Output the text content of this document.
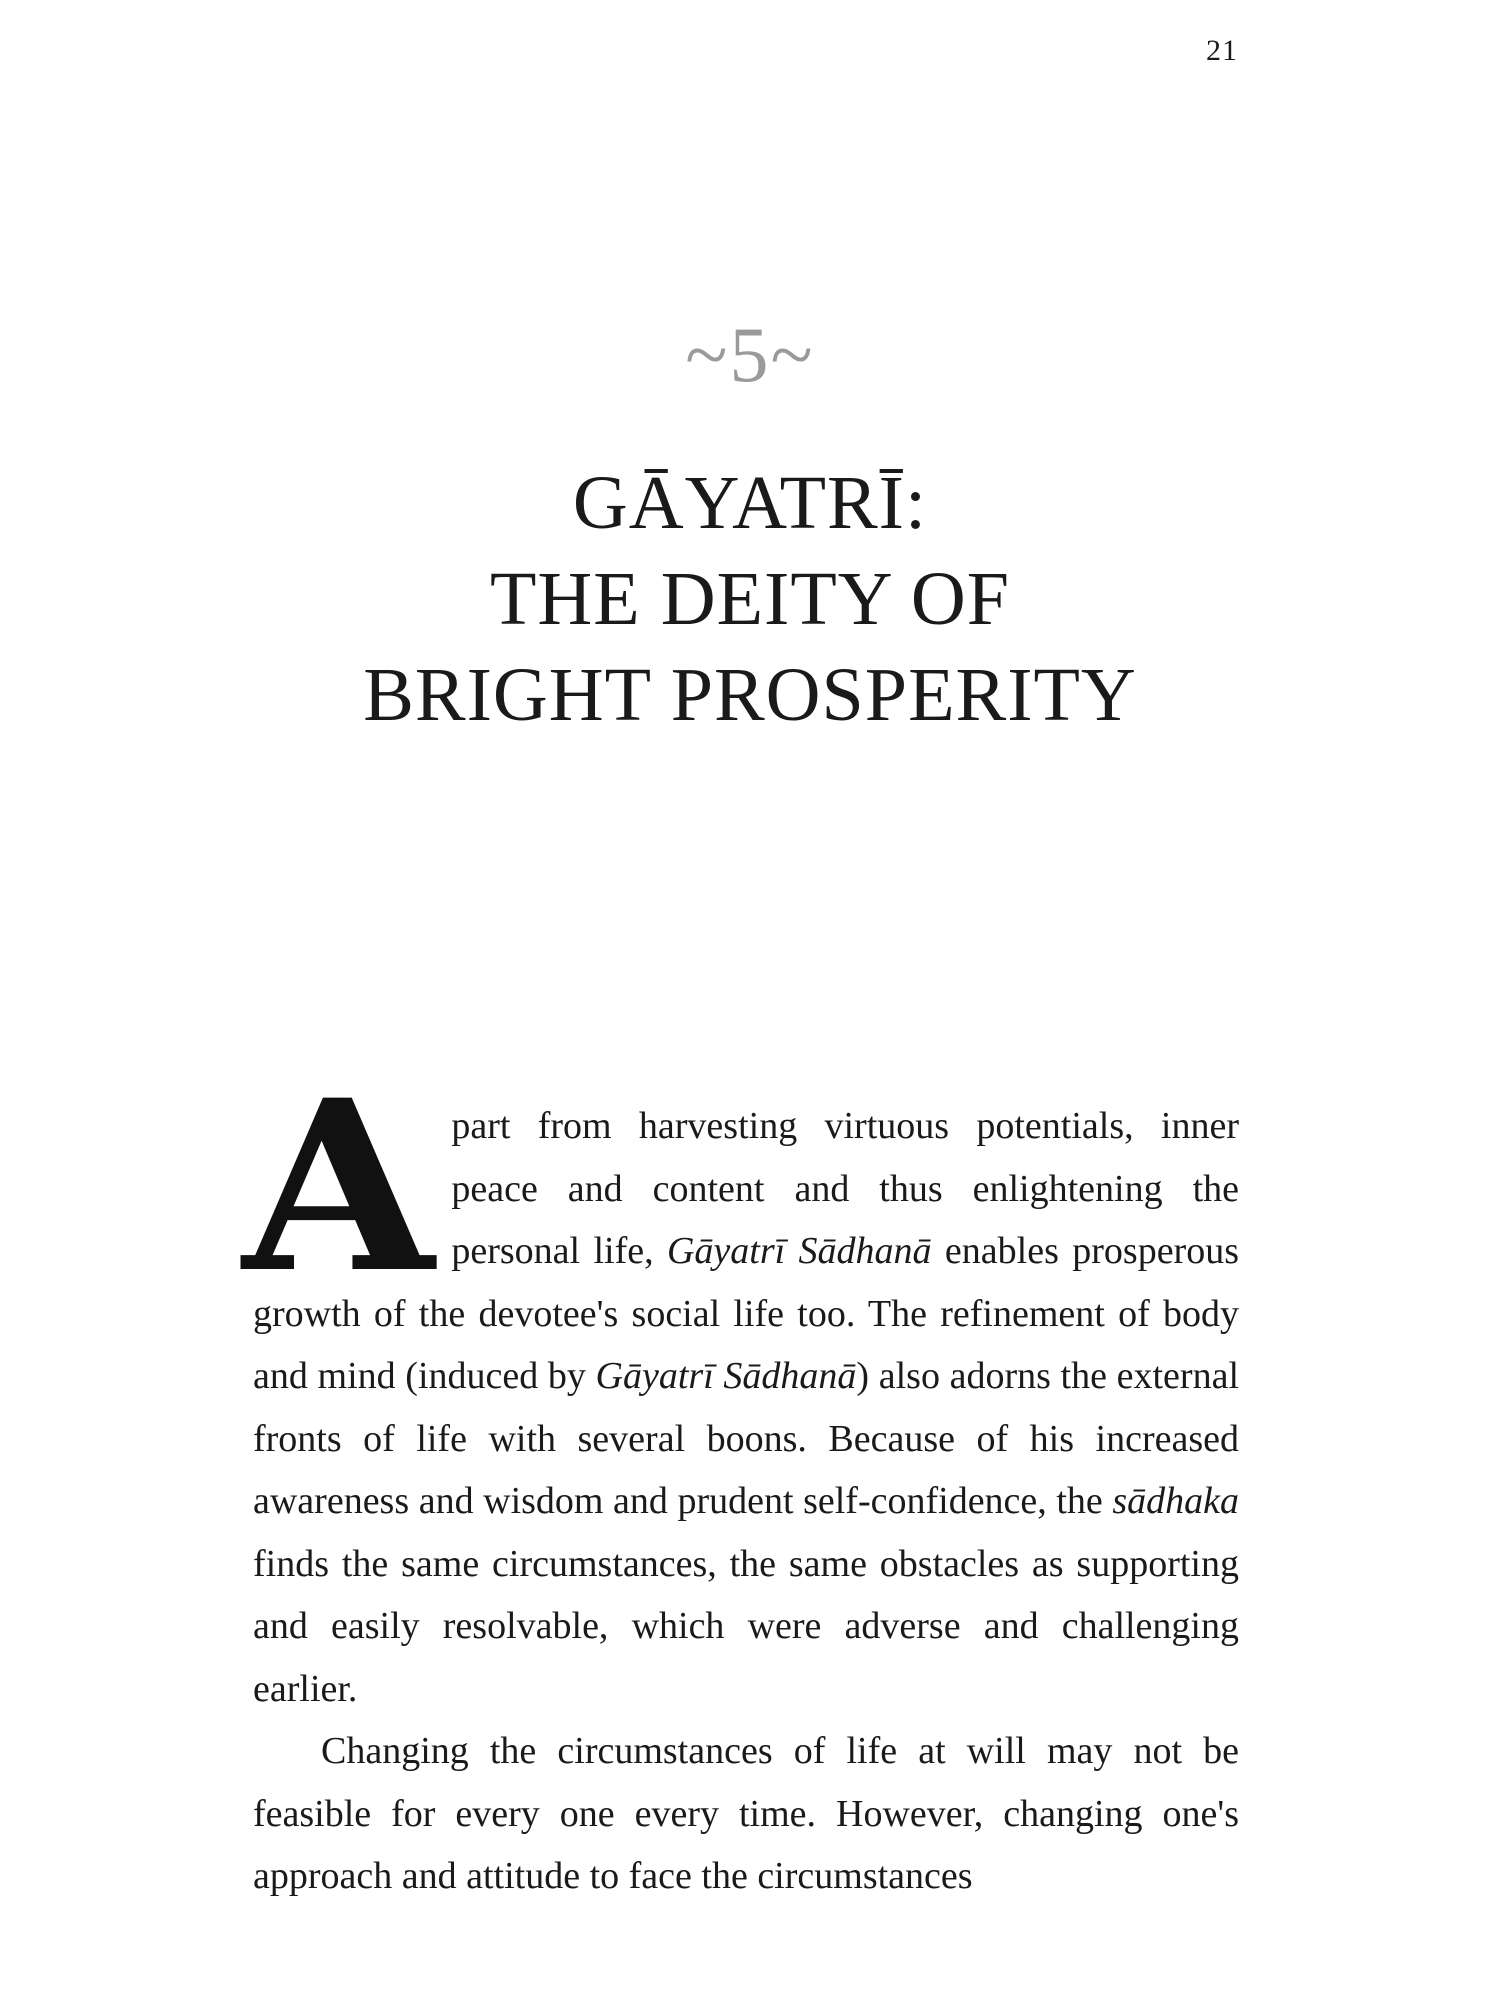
21
~5~
GĀYATRĪ:
THE DEITY OF
BRIGHT PROSPERITY

Apart from harvesting virtuous potentials, inner peace and content and thus enlightening the personal life, Gāyatrī Sādhanā enables prosperous growth of the devotee's social life too. The refinement of body and mind (induced by Gāyatrī Sādhanā) also adorns the external fronts of life with several boons. Because of his increased awareness and wisdom and prudent self-confidence, the sādhaka finds the same circumstances, the same obstacles as supporting and easily resolvable, which were adverse and challenging earlier.

Changing the circumstances of life at will may not be feasible for every one every time. However, changing one's approach and attitude to face the circumstances
